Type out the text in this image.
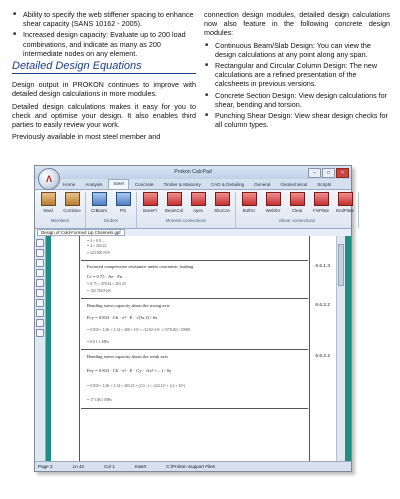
■ Ability to specify the web stiffener spacing to enhance shear capacity (SANS 10162 - 2005).
■ Increased design capacity: Evaluate up to 200 load combinations, and indicate as many as 200 intermediate nodes on any element.
Detailed Design Equations

Design output in PROKON continues to improve with detailed design calculations in more modules.

Detailed design calculations makes it easy for you to check and optimise your design. It also enables third parties to easily review your work.

Previously available in most steel member and

connection design modules, detailed design calculations now also feature in the following concrete design modules:

■ Continuous Beam/Slab Design: You can view the design calculations at any point along any span.
■ Rectangular and Circular Column Design: The new calculations are a refined presentation of the calcsheets in previous versions.
■ Concrete Section Design: View design calculations for shear, bending and torsion.
■ Punching Shear Design: View shear design checks for all column types.
Prokon CalcPad	–	□	×
Λ
Home	Analysis	Steel	Concrete	Timber & Masonry	CAD & Detailing	General	Geotechnical	Scripts
Stwd Combine
Members
CrBeam	PG
Girders
BaseFl BeamCol Apex	ShuCon
Moment connections
BoltGr WeldGr	Cleat FinPlate EndPlate
Shear connections
Design of Cold-Formed Lip Channels.gpf
= 4 × 0.0 ...
= 4 × 202.22
= 223.005 N/N
Factored compressive resistance under concentric loading	6.6.1.3
Cr = 0.75 · Ae · Fn
= 0.75 × 478.24 × 203.23
= 102 763.8 kN
Bending stress capacity about the strong axis	6.6.2.2
Fcy = 0.833 · Cb · π² · E · √(Ix·J) / Sx
= 0.833 × 1.06 × 3.14 × 200 × 10³ × √(2.02×10⁶ × 1578.40) / 47689
= 0.0 1.1 MPa
Bending stress capacity about the weak axis	6.6.2.2
Fey = 0.833 · Cb · π² · E · Cy · √(x² + ...) / Sy
= 0.833 × 1.06 × 3.14 × 203.23 × (2.0...) × √(22.12² + 2.4 × 10⁶)
= 17 148.1 MPa
Page 2	Ln 42	Col 1	Insert	C:\Prokon Support Files
